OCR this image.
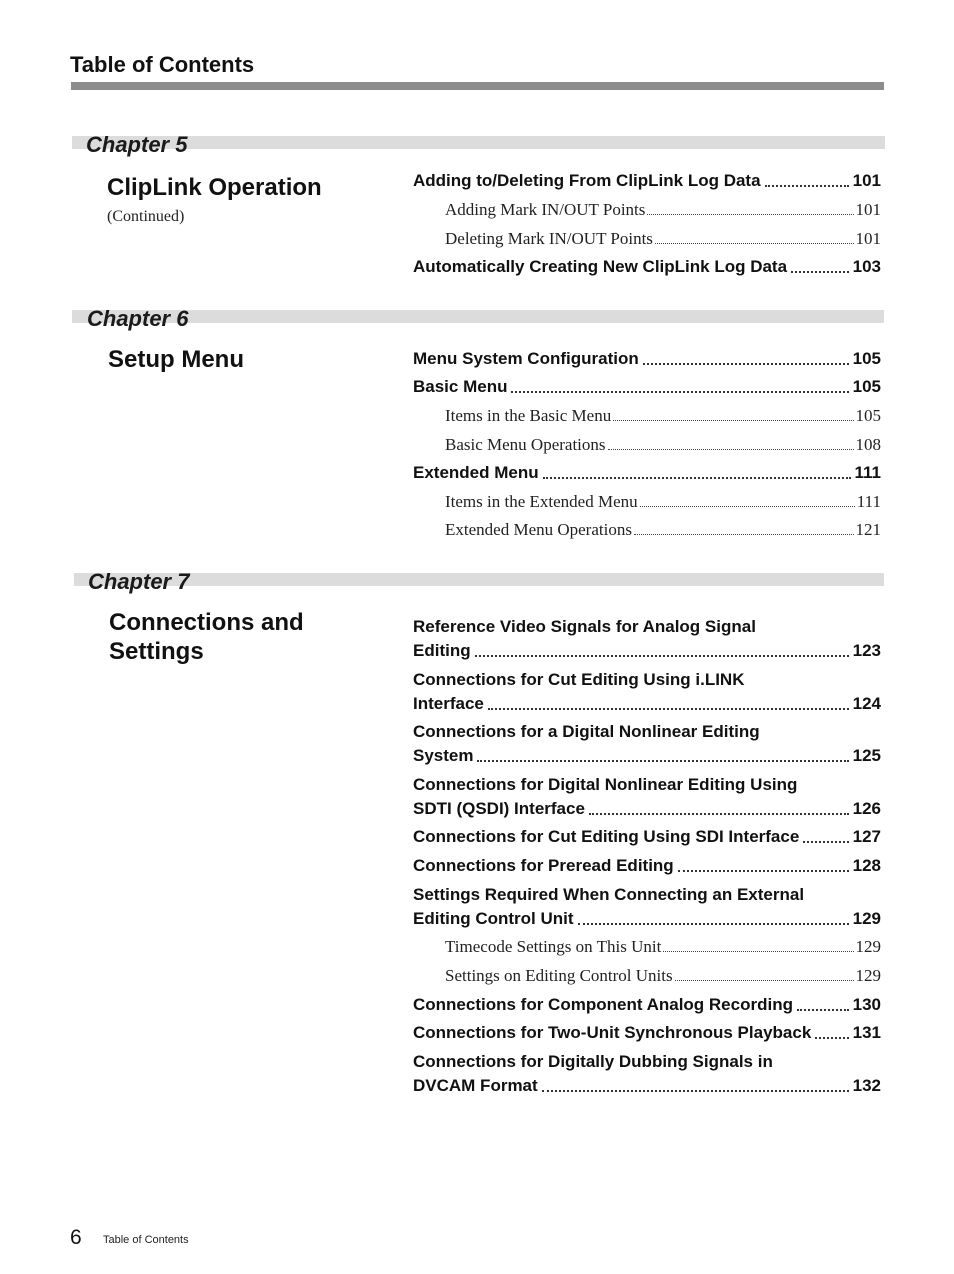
Table of Contents
Chapter 5
ClipLink Operation
(Continued)
Adding to/Deleting From ClipLink Log Data	101
Adding Mark IN/OUT Points	101
Deleting Mark IN/OUT Points	101
Automatically Creating New ClipLink Log Data	103
Chapter 6
Setup Menu	Menu System Configuration	105
Basic Menu	105
Items in the Basic Menu	105
Basic Menu Operations	108
Extended Menu	111
Items in the Extended Menu	111
Extended Menu Operations	121
Chapter 7
Connections and
Settings
Reference Video Signals for Analog Signal
Editing	123
Connections for Cut Editing Using i.LINK
Interface	124
Connections for a Digital Nonlinear Editing
System	125
Connections for Digital Nonlinear Editing Using
SDTI (QSDI) Interface	126
Connections for Cut Editing Using SDI Interface	127
Connections for Preread Editing	128
Settings Required When Connecting an External
Editing Control Unit	129
Timecode Settings on This Unit	129
Settings on Editing Control Units	129
Connections for Component Analog Recording	130
Connections for Two-Unit Synchronous Playback 131
Connections for Digitally Dubbing Signals in
DVCAM Format	132
6 Table of Contents
